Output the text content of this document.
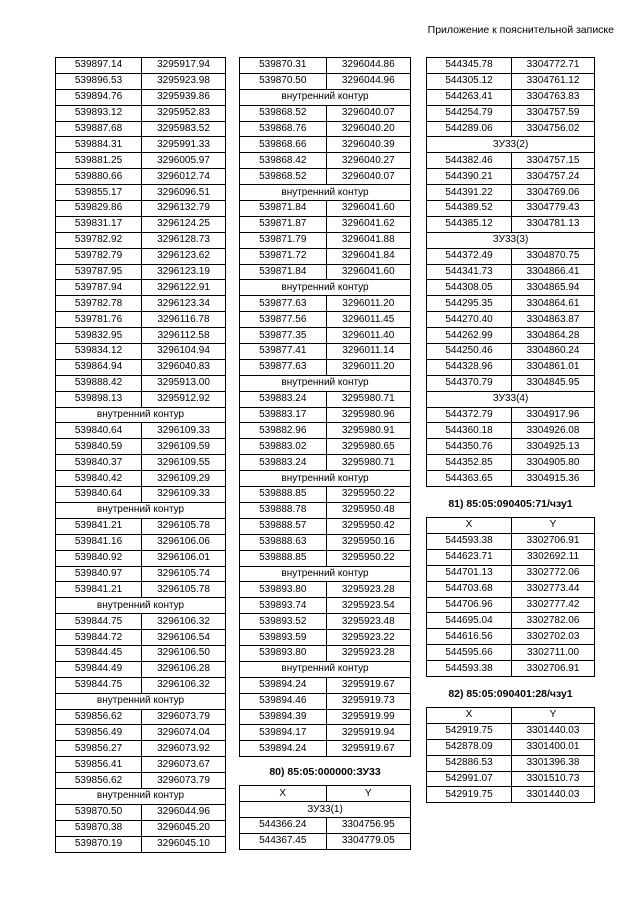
Приложение к пояснительной записке
539897.14	3295917.94
539896.53	3295923.98
539894.76	3295939.86
539893.12	3295952.83
539887.68	3295983.52
539884.31	3295991.33
539881.25	3296005.97
539880.66	3296012.74
539855.17	3296096.51
539829.86	3296132.79
539831.17	3296124.25
539782.92	3296128.73
539782.79	3296123.62
539787.95	3296123.19
539787.94	3296122.91
539782.78	3296123.34
539781.76	3296116.78
539832.95	3296112.58
539834.12	3296104.94
539864.94	3296040.83
539888.42	3295913.00
539898.13	3295912.92
внутренний контур	
539840.64	3296109.33
539840.59	3296109.59
539840.37	3296109.55
539840.42	3296109.29
539840.64	3296109.33
внутренний контур	
539841.21	3296105.78
539841.16	3296106.06
539840.92	3296106.01
539840.97	3296105.74
539841.21	3296105.78
внутренний контур	
539844.75	3296106.32
539844.72	3296106.54
539844.45	3296106.50
539844.49	3296106.28
539844.75	3296106.32
внутренний контур	
539856.62	3296073.79
539856.49	3296074.04
539856.27	3296073.92
539856.41	3296073.67
539856.62	3296073.79
внутренний контур	
539870.50	3296044.96
539870.38	3296045.20
539870.19	3296045.10
539870.31	3296044.86
539870.50	3296044.96
внутренний контур	
539868.52	3296040.07
539868.76	3296040.20
539868.66	3296040.39
539868.42	3296040.27
539868.52	3296040.07
внутренний контур	
539871.84	3296041.60
539871.87	3296041.62
539871.79	3296041.88
539871.72	3296041.84
539871.84	3296041.60
внутренний контур	
539877.63	3296011.20
539877.56	3296011.45
539877.35	3296011.40
539877.41	3296011.14
539877.63	3296011.20
внутренний контур	
539883.24	3295980.71
539883.17	3295980.96
539882.96	3295980.91
539883.02	3295980.65
539883.24	3295980.71
внутренний контур	
539888.85	3295950.22
539888.78	3295950.48
539888.57	3295950.42
539888.63	3295950.16
539888.85	3295950.22
внутренний контур	
539893.80	3295923.28
539893.74	3295923.54
539893.52	3295923.48
539893.59	3295923.22
539893.80	3295923.28
внутренний контур	
539894.24	3295919.67
539894.46	3295919.73
539894.39	3295919.99
539894.17	3295919.94
539894.24	3295919.67
80) 85:05:000000:ЗУ33
X	Y
ЗУ33(1)	
544366.24	3304756.95
544367.45	3304779.05
544345.78	3304772.71
544305.12	3304761.12
544263.41	3304763.83
544254.79	3304757.59
544289.06	3304756.02
ЗУ33(2)	
544382.46	3304757.15
544390.21	3304757.24
544391.22	3304769.06
544389.52	3304779.43
544385.12	3304781.13
ЗУ33(3)	
544372.49	3304870.75
544341.73	3304866.41
544308.05	3304865.94
544295.35	3304864.61
544270.40	3304863.87
544262.99	3304864.28
544250.46	3304860.24
544328.96	3304861.01
544370.79	3304845.95
ЗУ33(4)	
544372.79	3304917.96
544360.18	3304926.08
544350.76	3304925.13
544352.85	3304905.80
544363.65	3304915.36
81) 85:05:090405:71/чзу1
X	Y
544593.38	3302706.91
544623.71	3302692.11
544701.13	3302772.06
544703.68	3302773.44
544706.96	3302777.42
544695.04	3302782.06
544616.56	3302702.03
544595.66	3302711.00
544593.38	3302706.91
82) 85:05:090401:28/чзу1
X	Y
542919.75	3301440.03
542878.09	3301400.01
542886.53	3301396.38
542991.07	3301510.73
542919.75	3301440.03
